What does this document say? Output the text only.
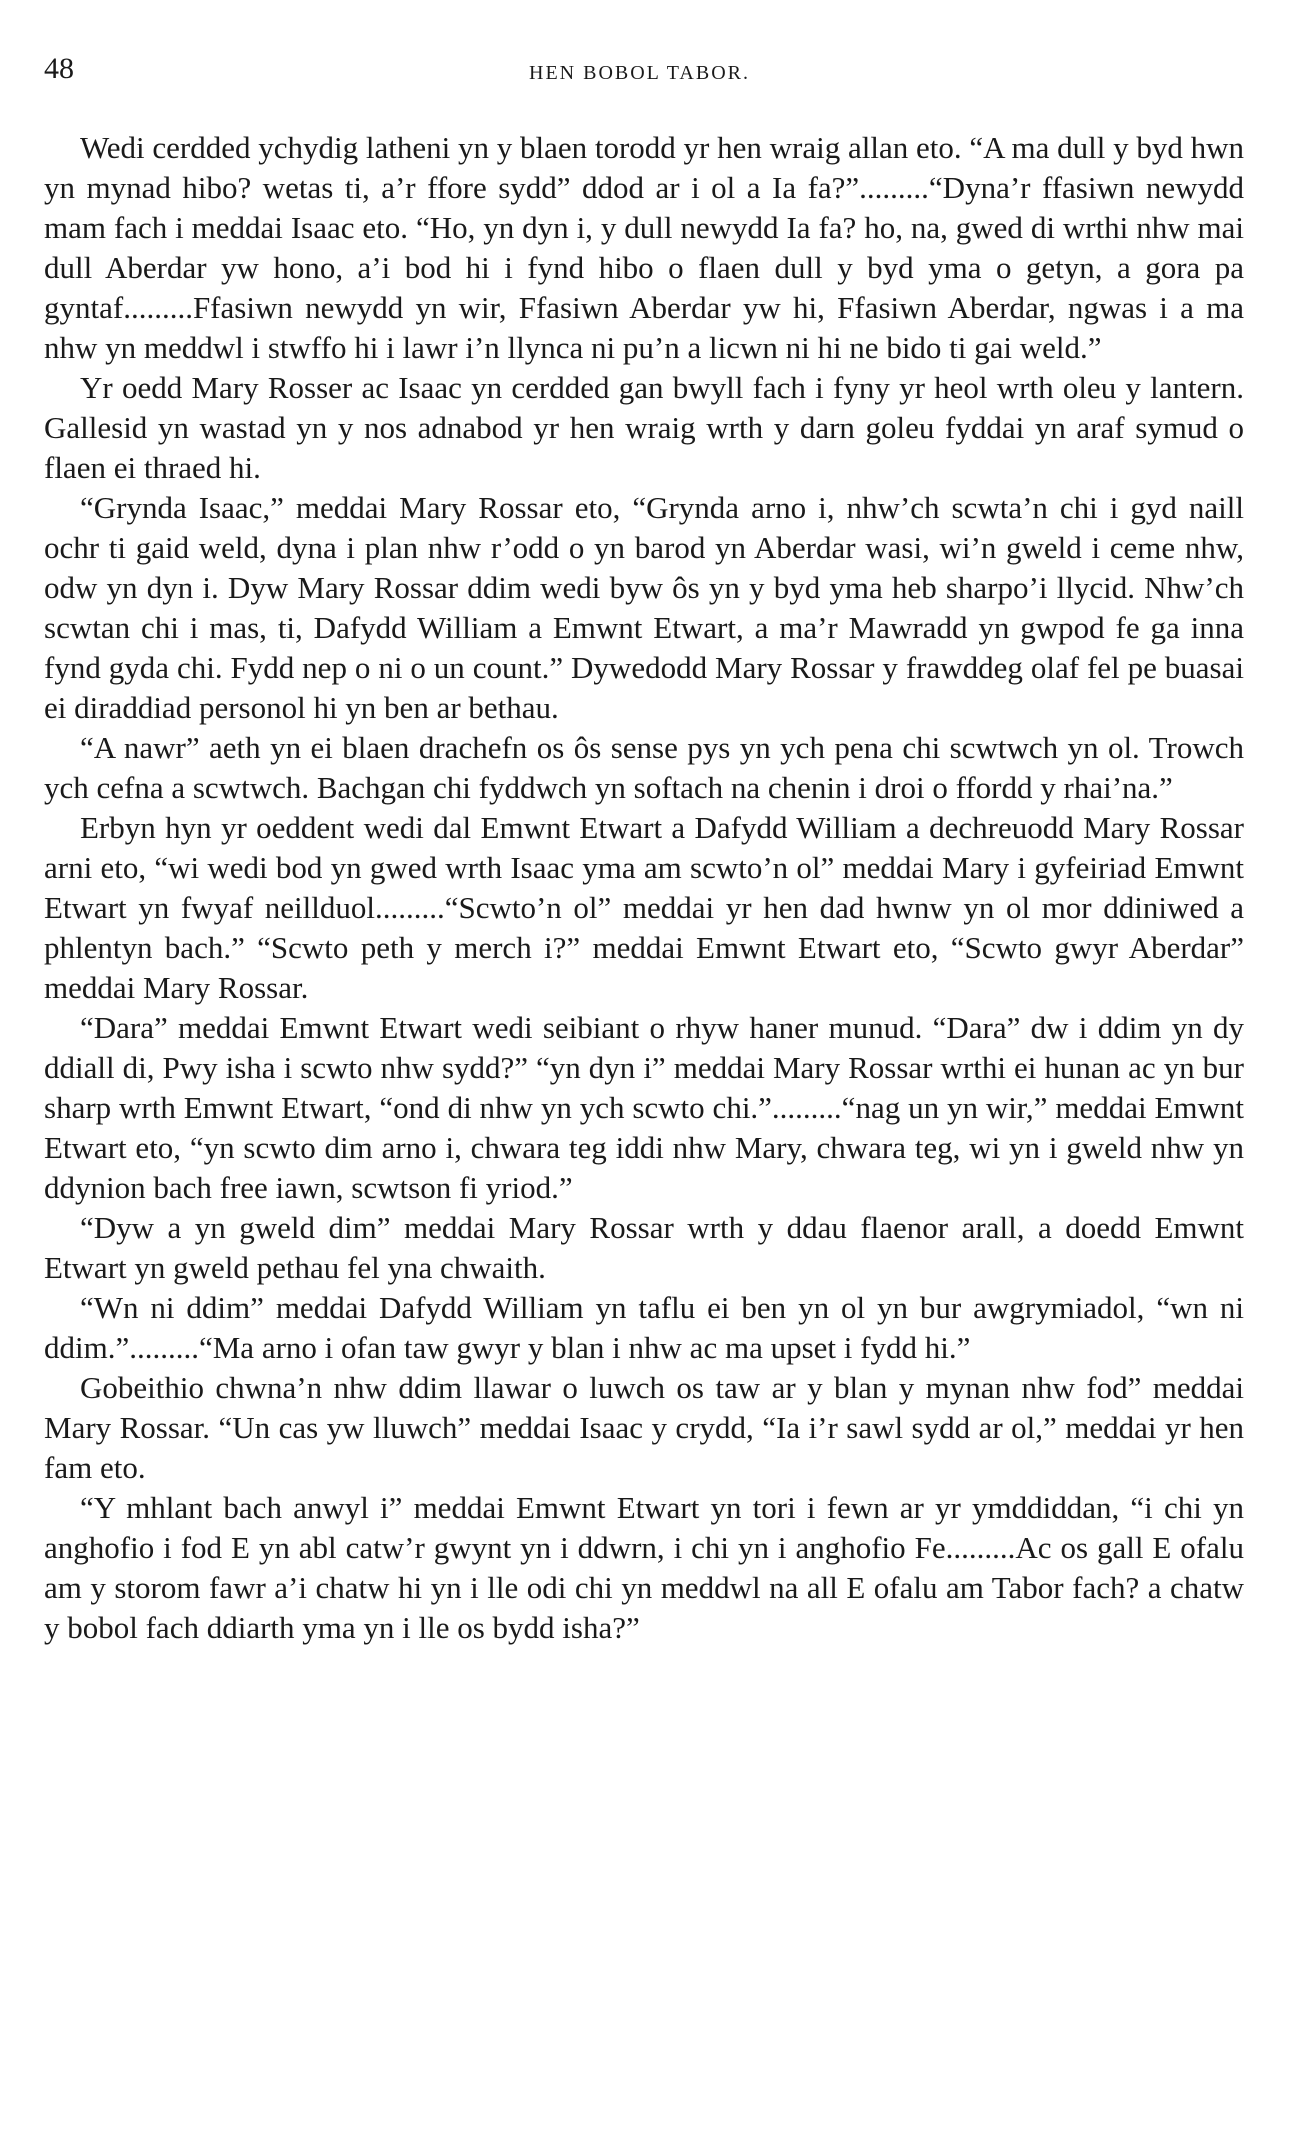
48	HEN BOBOL TABOR.

Wedi cerdded ychydig latheni yn y blaen torodd yr hen wraig allan eto. “A ma dull y byd hwn yn mynad hibo? wetas ti, a’r ffore sydd” ddod ar i ol a Ia fa?”.........“Dyna’r ffasiwn newydd mam fach i meddai Isaac eto. “Ho, yn dyn i, y dull newydd Ia fa? ho, na, gwed di wrthi nhw mai dull Aberdar yw hono, a’i bod hi i fynd hibo o flaen dull y byd yma o getyn, a gora pa gyntaf.........Ffasiwn newydd yn wir, Ffasiwn Aberdar yw hi, Ffasiwn Aberdar, ngwas i a ma nhw yn meddwl i stwffo hi i lawr i’n llynca ni pu’n a licwn ni hi ne bido ti gai weld.”

Yr oedd Mary Rosser ac Isaac yn cerdded gan bwyll fach i fyny yr heol wrth oleu y lantern. Gallesid yn wastad yn y nos adnabod yr hen wraig wrth y darn goleu fyddai yn araf symud o flaen ei thraed hi.

“Grynda Isaac,” meddai Mary Rossar eto, “Grynda arno i, nhw’ch scwta’n chi i gyd naill ochr ti gaid weld, dyna i plan nhw r’odd o yn barod yn Aberdar wasi, wi’n gweld i ceme nhw, odw yn dyn i. Dyw Mary Rossar ddim wedi byw ôs yn y byd yma heb sharpo’i llycid. Nhw’ch scwtan chi i mas, ti, Dafydd William a Emwnt Etwart, a ma’r Mawradd yn gwpod fe ga inna fynd gyda chi. Fydd nep o ni o un count.” Dywedodd Mary Rossar y frawddeg olaf fel pe buasai ei diraddiad personol hi yn ben ar bethau.

“A nawr” aeth yn ei blaen drachefn os ôs sense pys yn ych pena chi scwtwch yn ol. Trowch ych cefna a scwtwch. Bachgan chi fyddwch yn softach na chenin i droi o ffordd y rhai’na.”

Erbyn hyn yr oeddent wedi dal Emwnt Etwart a Dafydd William a dechreuodd Mary Rossar arni eto, “wi wedi bod yn gwed wrth Isaac yma am scwto’n ol” meddai Mary i gyfeiriad Emwnt Etwart yn fwyaf neillduol.........“Scwto’n ol” meddai yr hen dad hwnw yn ol mor ddiniwed a phlentyn bach.” “Scwto peth y merch i?” meddai Emwnt Etwart eto, “Scwto gwyr Aberdar” meddai Mary Rossar.

“Dara” meddai Emwnt Etwart wedi seibiant o rhyw haner munud. “Dara” dw i ddim yn dy ddiall di, Pwy isha i scwto nhw sydd?” “yn dyn i” meddai Mary Rossar wrthi ei hunan ac yn bur sharp wrth Emwnt Etwart, “ond di nhw yn ych scwto chi.”.........“nag un yn wir,” meddai Emwnt Etwart eto, “yn scwto dim arno i, chwara teg iddi nhw Mary, chwara teg, wi yn i gweld nhw yn ddynion bach free iawn, scwtson fi yriod.”

“Dyw a yn gweld dim” meddai Mary Rossar wrth y ddau flaenor arall, a doedd Emwnt Etwart yn gweld pethau fel yna chwaith.

“Wn ni ddim” meddai Dafydd William yn taflu ei ben yn ol yn bur awgrymiadol, “wn ni ddim.”.........“Ma arno i ofan taw gwyr y blan i nhw ac ma upset i fydd hi.”

Gobeithio chwna’n nhw ddim llawar o luwch os taw ar y blan y mynan nhw fod” meddai Mary Rossar. “Un cas yw lluwch” meddai Isaac y crydd, “Ia i’r sawl sydd ar ol,” meddai yr hen fam eto.

“Y mhlant bach anwyl i” meddai Emwnt Etwart yn tori i fewn ar yr ymddiddan, “i chi yn anghofio i fod E yn abl catw’r gwynt yn i ddwrn, i chi yn i anghofio Fe.........Ac os gall E ofalu am y storom fawr a’i chatw hi yn i lle odi chi yn meddwl na all E ofalu am Tabor fach? a chatw y bobol fach ddiarth yma yn i lle os bydd isha?”
